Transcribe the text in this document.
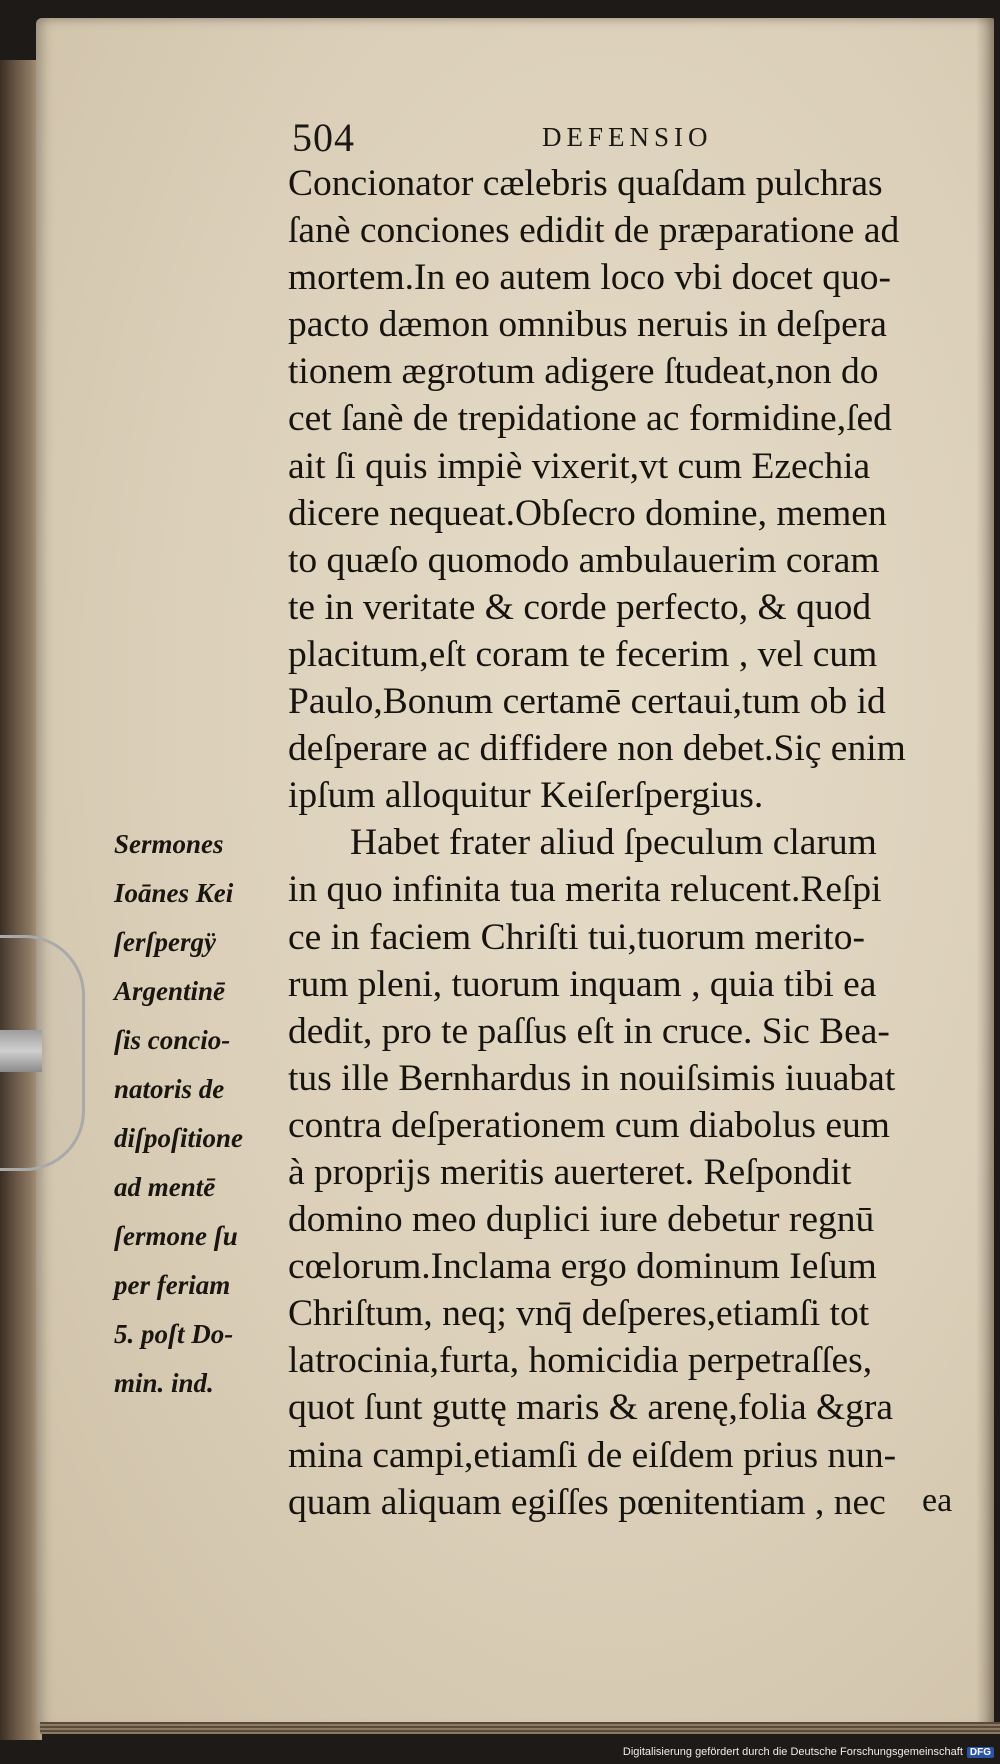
504	DEFENSIO
Concionator cælebris quaſdam pulchras
ſanè conciones edidit de præparatione ad
mortem.In eo autem loco vbi docet quo-
pacto dæmon omnibus neruis in deſpera
tionem ægrotum adigere ſtudeat,non do
cet ſanè de trepidatione ac formidine,ſed
ait ſi quis impiè vixerit,vt cum Ezechia
dicere nequeat.Obſecro domine, memen
to quæſo quomodo ambulauerim coram
te in veritate & corde perfecto, & quod
placitum,eſt coram te fecerim , vel cum
Paulo,Bonum certamē certaui,tum ob id
deſperare ac diffidere non debet.Siç enim
ipſum alloquitur Keiſerſpergius.
Habet frater aliud ſpeculum clarum
in quo infinita tua merita relucent.Reſpi
ce in faciem Chriſti tui,tuorum merito-
rum pleni, tuorum inquam , quia tibi ea
dedit, pro te paſſus eſt in cruce. Sic Bea-
tus ille Bernhardus in nouiſsimis iuuabat
contra deſperationem cum diabolus eum
à proprijs meritis auerteret. Reſpondit
domino meo duplici iure debetur regnū
cœlorum.Inclama ergo dominum Ieſum
Chriſtum, neq; vnq̄ deſperes,etiamſi tot
latrocinia,furta, homicidia perpetraſſes,
quot ſunt guttę maris & arenę,folia &gra
mina campi,etiamſi de eiſdem prius nun-
quam aliquam egiſſes pœnitentiam , nec	ea
Sermones
Ioānes Kei
ſerſpergÿ
Argentinē
ſis concio-
natoris de
diſpoſitione
ad mentē
ſermone ſu
per feriam
5. poſt Do-
min. ind.
Digitalisierung gefördert durch die Deutsche Forschungsgemeinschaft DFG
